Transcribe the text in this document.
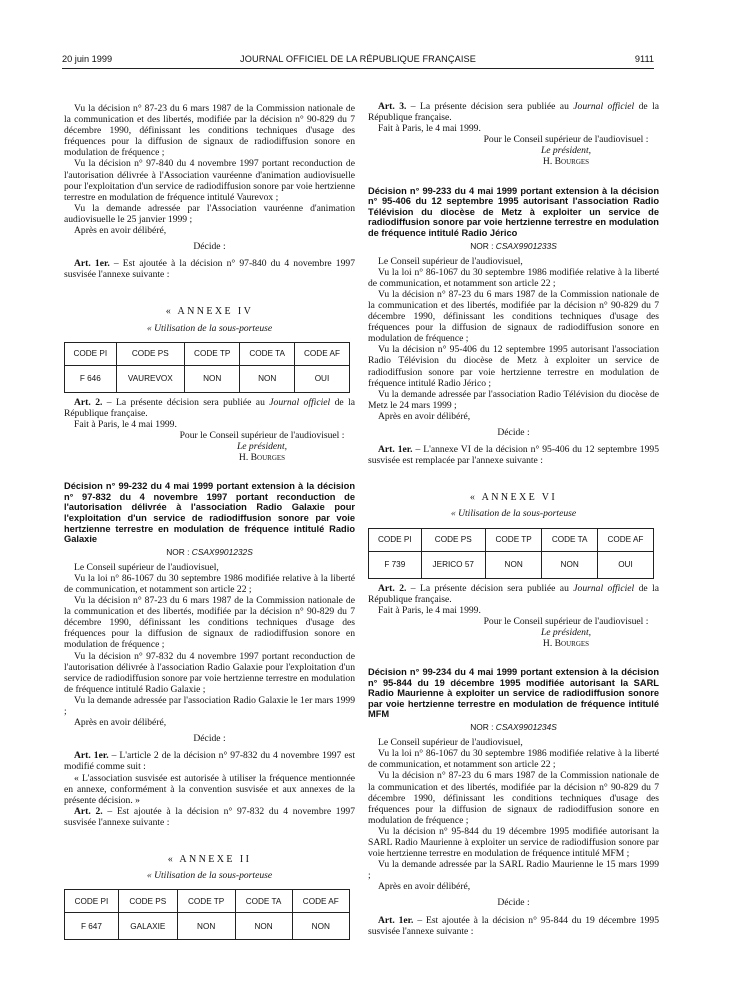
20 juin 1999	JOURNAL OFFICIEL DE LA RÉPUBLIQUE FRANÇAISE	9111

Vu la décision n° 87-23 du 6 mars 1987 de la Commission nationale de la communication et des libertés, modifiée par la décision n° 90-829 du 7 décembre 1990, définissant les conditions techniques d'usage des fréquences pour la diffusion de signaux de radiodiffusion sonore en modulation de fréquence ;

Vu la décision n° 97-840 du 4 novembre 1997 portant reconduction de l'autorisation délivrée à l'Association vauréenne d'animation audiovisuelle pour l'exploitation d'un service de radiodiffusion sonore par voie hertzienne terrestre en modulation de fréquence intitulé Vaurevox ;

Vu la demande adressée par l'Association vauréenne d'animation audiovisuelle le 25 janvier 1999 ;

Après en avoir délibéré,

Décide :

Art. 1er. – Est ajoutée à la décision n° 97-840 du 4 novembre 1997 susvisée l'annexe suivante :

« ANNEXE IV
« Utilisation de la sous-porteuse
CODE PI	CODE PS	CODE TP	CODE TA	CODE AF
F 646	VAUREVOX	NON	NON	OUI

Art. 2. – La présente décision sera publiée au Journal officiel de la République française.

Fait à Paris, le 4 mai 1999.

Pour le Conseil supérieur de l'audiovisuel :
Le président,
H. Bourges
Décision n° 99-232 du 4 mai 1999 portant extension à la décision n° 97-832 du 4 novembre 1997 portant reconduction de l'autorisation délivrée à l'association Radio Galaxie pour l'exploitation d'un service de radiodiffusion sonore par voie hertzienne terrestre en modulation de fréquence intitulé Radio Galaxie
NOR : CSAX9901232S

Le Conseil supérieur de l'audiovisuel,

Vu la loi n° 86-1067 du 30 septembre 1986 modifiée relative à la liberté de communication, et notamment son article 22 ;

Vu la décision n° 87-23 du 6 mars 1987 de la Commission nationale de la communication et des libertés, modifiée par la décision n° 90-829 du 7 décembre 1990, définissant les conditions techniques d'usage des fréquences pour la diffusion de signaux de radiodiffusion sonore en modulation de fréquence ;

Vu la décision n° 97-832 du 4 novembre 1997 portant reconduction de l'autorisation délivrée à l'association Radio Galaxie pour l'exploitation d'un service de radiodiffusion sonore par voie hertzienne terrestre en modulation de fréquence intitulé Radio Galaxie ;

Vu la demande adressée par l'association Radio Galaxie le 1er mars 1999 ;

Après en avoir délibéré,

Décide :

Art. 1er. – L'article 2 de la décision n° 97-832 du 4 novembre 1997 est modifié comme suit :

« L'association susvisée est autorisée à utiliser la fréquence mentionnée en annexe, conformément à la convention susvisée et aux annexes de la présente décision. »

Art. 2. – Est ajoutée à la décision n° 97-832 du 4 novembre 1997 susvisée l'annexe suivante :

« ANNEXE II
« Utilisation de la sous-porteuse
CODE PI	CODE PS	CODE TP	CODE TA	CODE AF
F 647	GALAXIE	NON	NON	NON

Art. 3. – La présente décision sera publiée au Journal officiel de la République française.

Fait à Paris, le 4 mai 1999.

Pour le Conseil supérieur de l'audiovisuel :
Le président,
H. Bourges
Décision n° 99-233 du 4 mai 1999 portant extension à la décision n° 95-406 du 12 septembre 1995 autorisant l'association Radio Télévision du diocèse de Metz à exploiter un service de radiodiffusion sonore par voie hertzienne terrestre en modulation de fréquence intitulé Radio Jérico
NOR : CSAX9901233S

Le Conseil supérieur de l'audiovisuel,

Vu la loi n° 86-1067 du 30 septembre 1986 modifiée relative à la liberté de communication, et notamment son article 22 ;

Vu la décision n° 87-23 du 6 mars 1987 de la Commission nationale de la communication et des libertés, modifiée par la décision n° 90-829 du 7 décembre 1990, définissant les conditions techniques d'usage des fréquences pour la diffusion de signaux de radiodiffusion sonore en modulation de fréquence ;

Vu la décision n° 95-406 du 12 septembre 1995 autorisant l'association Radio Télévision du diocèse de Metz à exploiter un service de radiodiffusion sonore par voie hertzienne terrestre en modulation de fréquence intitulé Radio Jérico ;

Vu la demande adressée par l'association Radio Télévision du diocèse de Metz le 24 mars 1999 ;

Après en avoir délibéré,

Décide :

Art. 1er. – L'annexe VI de la décision n° 95-406 du 12 septembre 1995 susvisée est remplacée par l'annexe suivante :

« ANNEXE VI
« Utilisation de la sous-porteuse
CODE PI	CODE PS	CODE TP	CODE TA	CODE AF
F 739	JERICO 57	NON	NON	OUI

Art. 2. – La présente décision sera publiée au Journal officiel de la République française.

Fait à Paris, le 4 mai 1999.

Pour le Conseil supérieur de l'audiovisuel :
Le président,
H. Bourges
Décision n° 99-234 du 4 mai 1999 portant extension à la décision n° 95-844 du 19 décembre 1995 modifiée autorisant la SARL Radio Maurienne à exploiter un service de radiodiffusion sonore par voie hertzienne terrestre en modulation de fréquence intitulé MFM
NOR : CSAX9901234S

Le Conseil supérieur de l'audiovisuel,

Vu la loi n° 86-1067 du 30 septembre 1986 modifiée relative à la liberté de communication, et notamment son article 22 ;

Vu la décision n° 87-23 du 6 mars 1987 de la Commission nationale de la communication et des libertés, modifiée par la décision n° 90-829 du 7 décembre 1990, définissant les conditions techniques d'usage des fréquences pour la diffusion de signaux de radiodiffusion sonore en modulation de fréquence ;

Vu la décision n° 95-844 du 19 décembre 1995 modifiée autorisant la SARL Radio Maurienne à exploiter un service de radiodiffusion sonore par voie hertzienne terrestre en modulation de fréquence intitulé MFM ;

Vu la demande adressée par la SARL Radio Maurienne le 15 mars 1999 ;

Après en avoir délibéré,

Décide :

Art. 1er. – Est ajoutée à la décision n° 95-844 du 19 décembre 1995 susvisée l'annexe suivante :
